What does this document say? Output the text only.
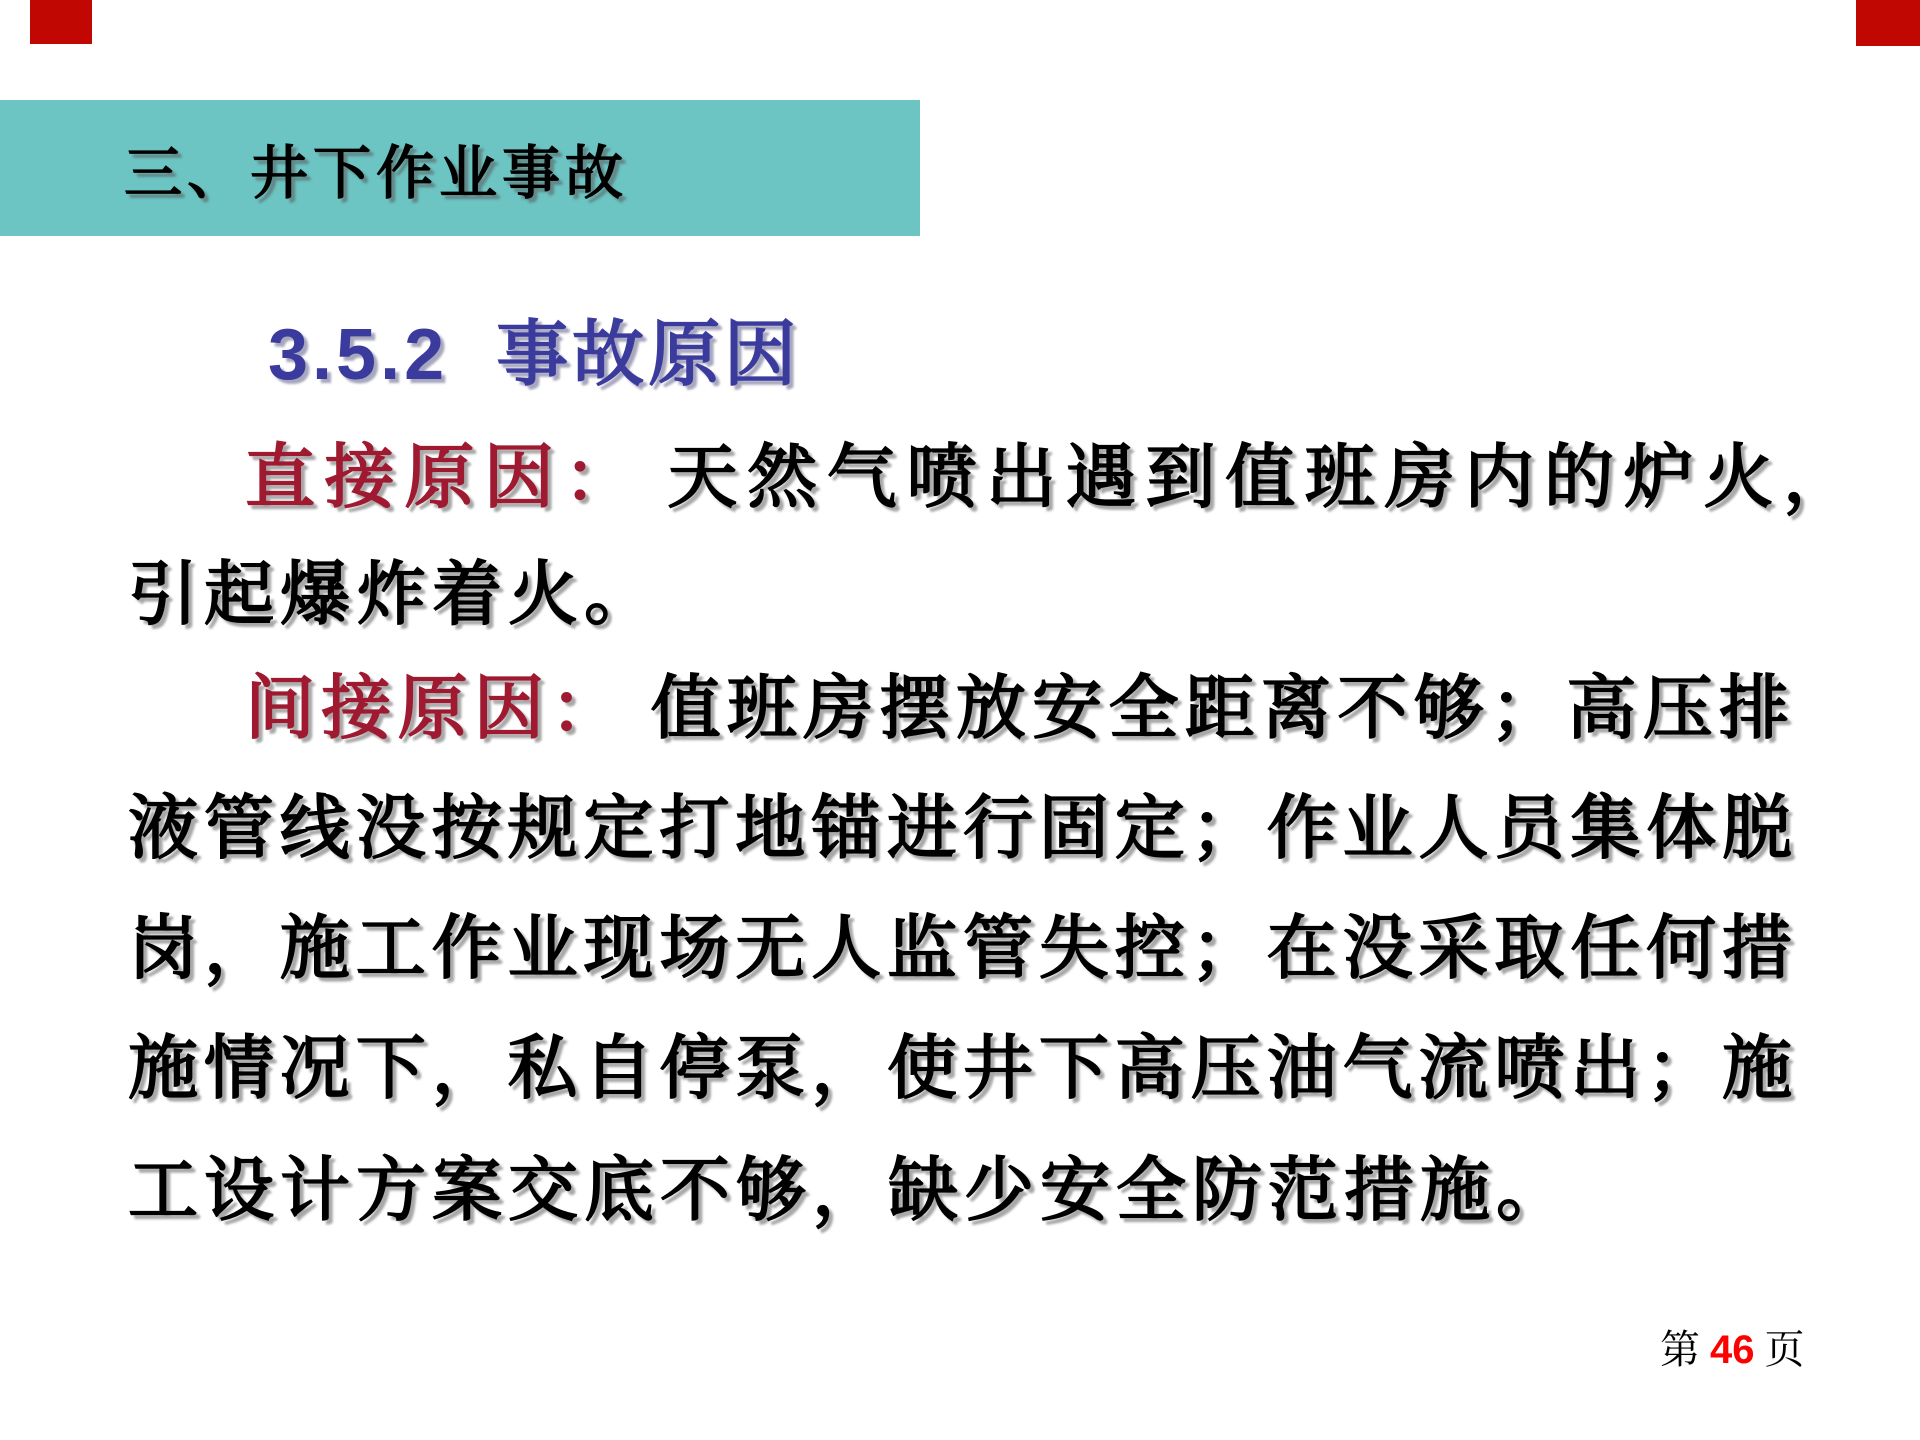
三、井下作业事故
3.5.2  事故原因
直接原因： 天然气喷出遇到值班房内的炉火，
引起爆炸着火。
间接原因： 值班房摆放安全距离不够；高压排
液管线没按规定打地锚进行固定；作业人员集体脱
岗，施工作业现场无人监管失控；在没采取任何措
施情况下，私自停泵，使井下高压油气流喷出；施
工设计方案交底不够，缺少安全防范措施。
第 46 页
